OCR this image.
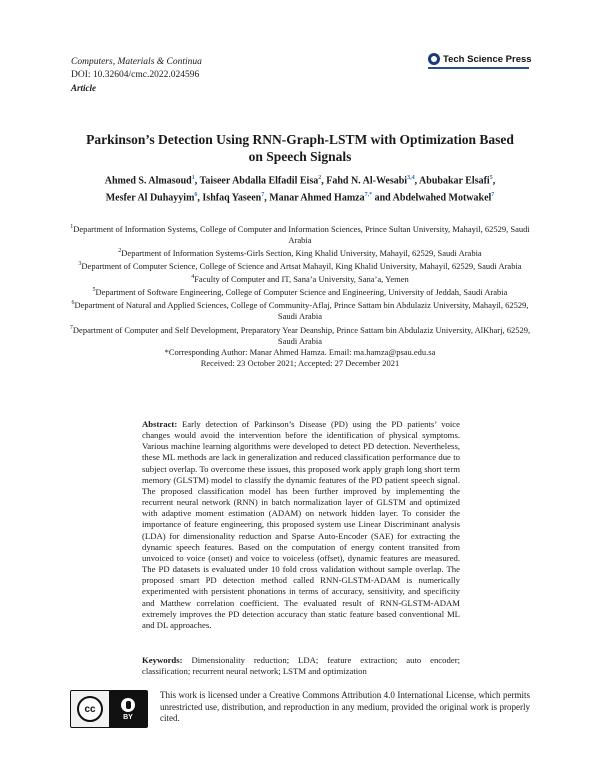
Computers, Materials & Continua
DOI: 10.32604/cmc.2022.024596
Article
Tech Science Press
Parkinson’s Detection Using RNN-Graph-LSTM with Optimization Based
on Speech Signals
Ahmed S. Almasoud$^1$, Taiseer Abdalla Elfadil Eisa$^2$, Fahd N. Al-Wesabi$^{3,4}$, Abubakar Elsafi$^5$,
Mesfer Al Duhayyim$^6$, Ishfaq Yaseen$^7$, Manar Ahmed Hamza$^{7,*}$ and Abdelwahed Motwakel$^7$
$^1$Department of Information Systems, College of Computer and Information Sciences, Prince Sultan University, Mahayil, 62529, Saudi Arabia
$^2$Department of Information Systems-Girls Section, King Khalid University, Mahayil, 62529, Saudi Arabia
$^3$Department of Computer Science, College of Science and Artsat Mahayil, King Khalid University, Mahayil, 62529, Saudi Arabia
$^4$Faculty of Computer and IT, Sana’a University, Sana’a, Yemen
$^5$Department of Software Engineering, College of Computer Science and Engineering, University of Jeddah, Saudi Arabia
$^6$Department of Natural and Applied Sciences, College of Community-Aflaj, Prince Sattam bin Abdulaziz University, Mahayil, 62529, Saudi Arabia
$^7$Department of Computer and Self Development, Preparatory Year Deanship, Prince Sattam bin Abdulaziz University, AlKharj, 62529, Saudi Arabia
*Corresponding Author: Manar Ahmed Hamza. Email: ma.hamza@psau.edu.sa
Received: 23 October 2021; Accepted: 27 December 2021
Abstract: Early detection of Parkinson’s Disease (PD) using the PD patients’ voice changes would avoid the intervention before the identification of physical symptoms. Various machine learning algorithms were developed to detect PD detection. Nevertheless, these ML methods are lack in generalization and reduced classification performance due to subject overlap. To overcome these issues, this proposed work apply graph long short term memory (GLSTM) model to classify the dynamic features of the PD patient speech signal. The proposed classification model has been further improved by implementing the recurrent neural network (RNN) in batch normalization layer of GLSTM and optimized with adaptive moment estimation (ADAM) on network hidden layer. To consider the importance of feature engineering, this proposed system use Linear Discriminant analysis (LDA) for dimensionality reduction and Sparse Auto-Encoder (SAE) for extracting the dynamic speech features. Based on the computation of energy content transited from unvoiced to voice (onset) and voice to voiceless (offset), dynamic features are measured. The PD datasets is evaluated under 10 fold cross validation without sample overlap. The proposed smart PD detection method called RNN-GLSTM-ADAM is numerically experimented with persistent phonations in terms of accuracy, sensitivity, and specificity and Matthew correlation coefficient. The evaluated result of RNN-GLSTM-ADAM extremely improves the PD detection accuracy than static feature based conventional ML and DL approaches.
Keywords: Dimensionality reduction; LDA; feature extraction; auto encoder; classification; recurrent neural network; LSTM and optimization
cc
BY
This work is licensed under a Creative Commons Attribution 4.0 International License, which permits unrestricted use, distribution, and reproduction in any medium, provided the original work is properly cited.
